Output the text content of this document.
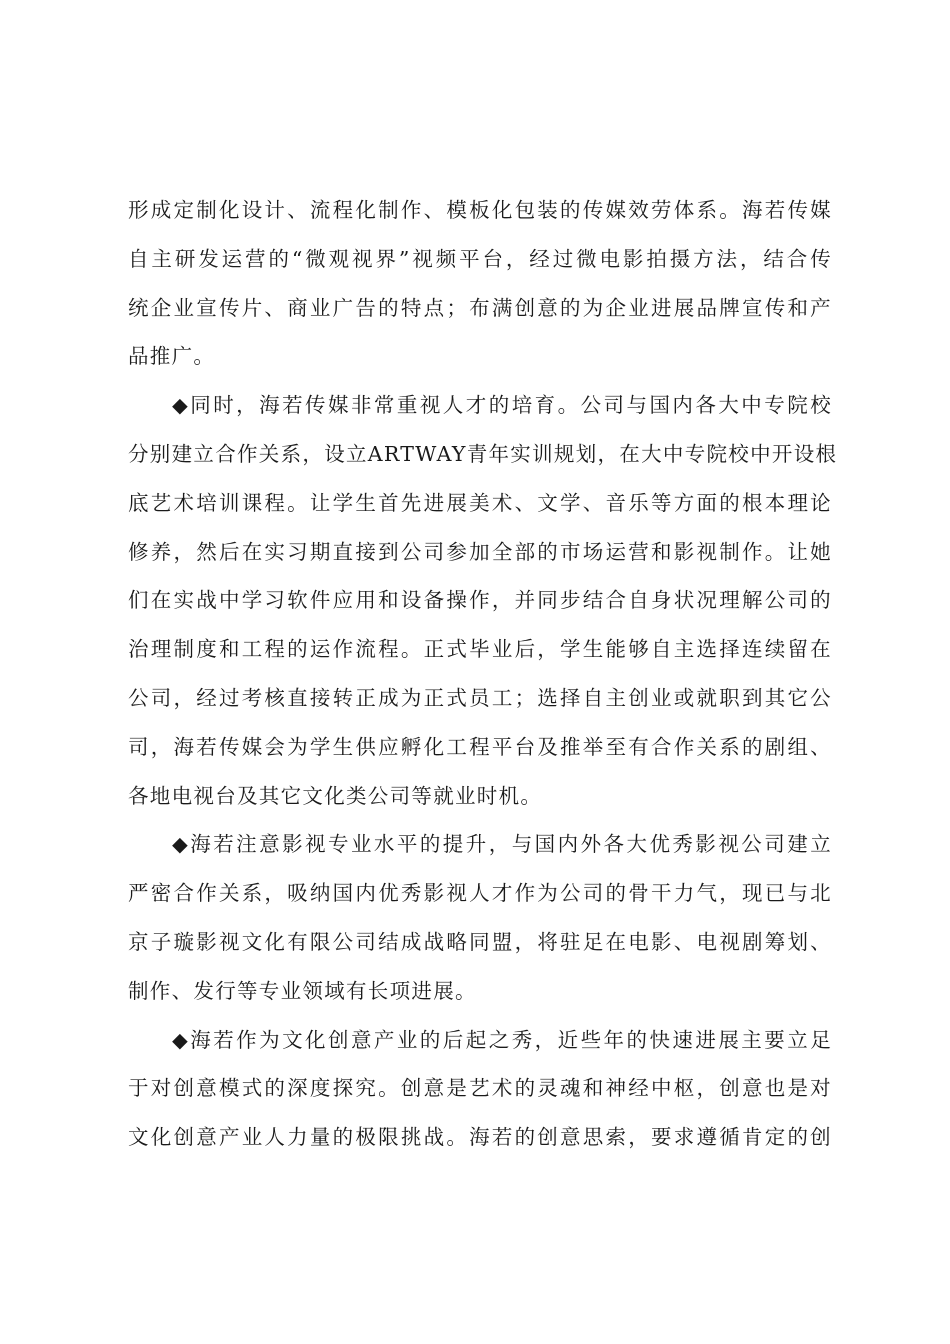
形成定制化设计、流程化制作、模板化包装的传媒效劳体系。海若传媒
自主研发运营的“微观视界”视频平台，经过微电影拍摄方法，结合传
统企业宣传片、商业广告的特点；布满创意的为企业进展品牌宣传和产
品推广。
◆同时，海若传媒非常重视人才的培育。公司与国内各大中专院校
分别建立合作关系，设立ARTWAY青年实训规划，在大中专院校中开设根
底艺术培训课程。让学生首先进展美术、文学、音乐等方面的根本理论
修养，然后在实习期直接到公司参加全部的市场运营和影视制作。让她
们在实战中学习软件应用和设备操作，并同步结合自身状况理解公司的
治理制度和工程的运作流程。正式毕业后，学生能够自主选择连续留在
公司，经过考核直接转正成为正式员工；选择自主创业或就职到其它公
司，海若传媒会为学生供应孵化工程平台及推举至有合作关系的剧组、
各地电视台及其它文化类公司等就业时机。
◆海若注意影视专业水平的提升，与国内外各大优秀影视公司建立
严密合作关系，吸纳国内优秀影视人才作为公司的骨干力气，现已与北
京子璇影视文化有限公司结成战略同盟，将驻足在电影、电视剧筹划、
制作、发行等专业领域有长项进展。
◆海若作为文化创意产业的后起之秀，近些年的快速进展主要立足
于对创意模式的深度探究。创意是艺术的灵魂和神经中枢，创意也是对
文化创意产业人力量的极限挑战。海若的创意思索，要求遵循肯定的创
